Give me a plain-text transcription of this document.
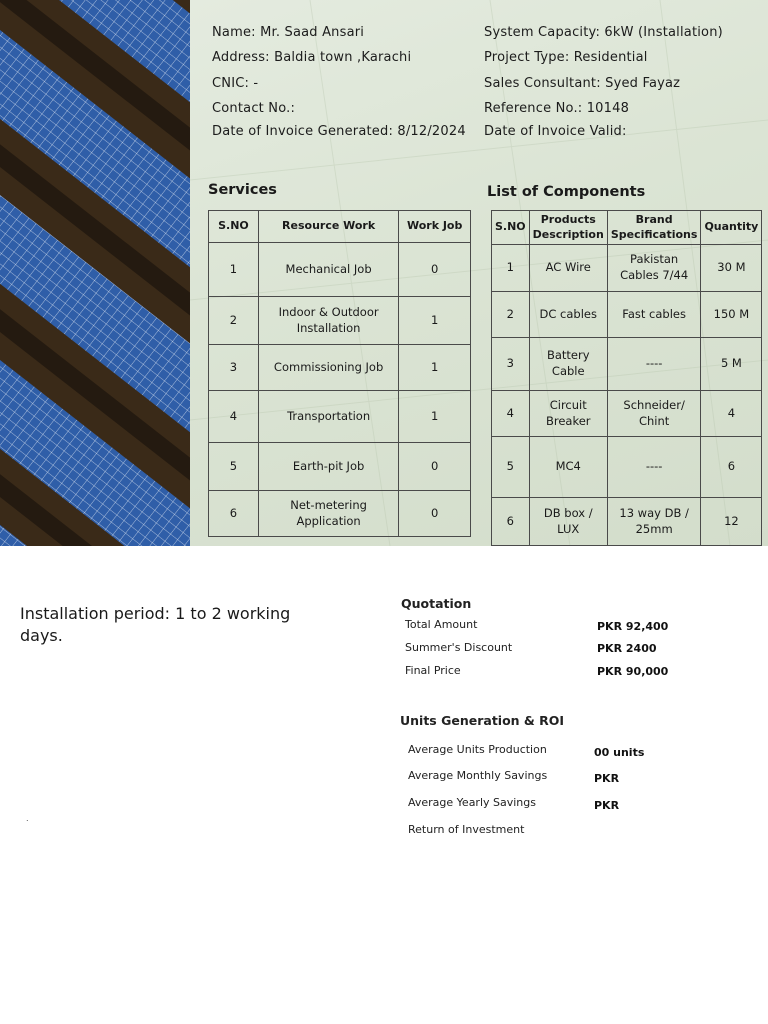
Name: Mr. Saad Ansari
Address: Baldia town ,Karachi
CNIC: -
Contact No.:
Date of Invoice Generated: 8/12/2024
System Capacity: 6kW (Installation)
Project Type: Residential
Sales Consultant: Syed Fayaz
Reference No.: 10148
Date of Invoice Valid:
Services
S.NO	Resource Work	Work Job
1	Mechanical Job	0
2	Indoor & Outdoor Installation	1
3	Commissioning Job	1
4	Transportation	1
5	Earth-pit Job	0
6	Net-metering Application	0
List of Components
S.NO	Products Description	Brand Specifications	Quantity
1	AC Wire	Pakistan Cables 7/44	30 M
2	DC cables	Fast cables	150 M
3	Battery Cable	----	5 M
4	Circuit Breaker	Schneider/ Chint	4
5	MC4	----	6
6	DB box / LUX	13 way DB / 25mm	12
Installation period: 1 to 2 working days.
.
Quotation
Total Amount	PKR 92,400
Summer's Discount	PKR 2400
Final Price	PKR 90,000
Units Generation & ROI
Average Units Production	00 units
Average Monthly Savings	PKR
Average Yearly Savings	PKR
Return of Investment
